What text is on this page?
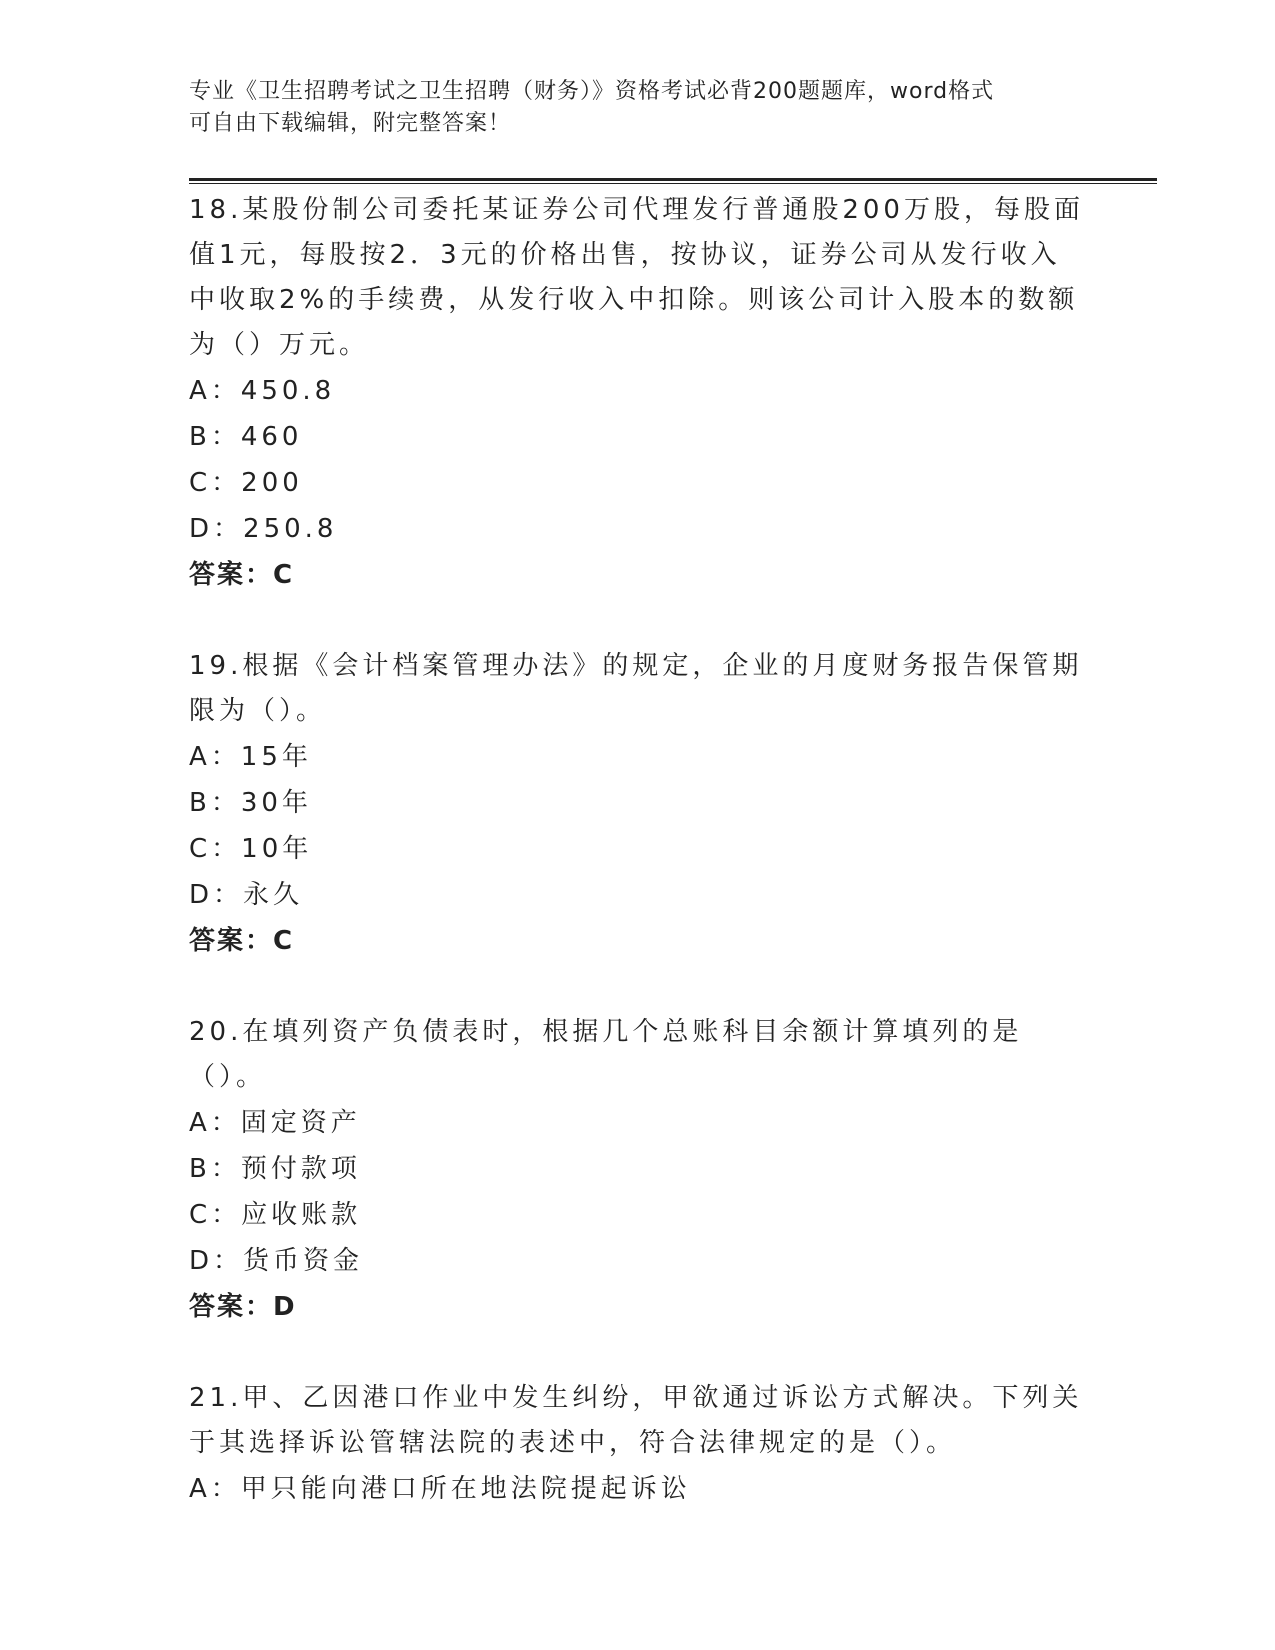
专业《卫生招聘考试之卫生招聘（财务）》资格考试必背200题题库，word格式
可自由下载编辑，附完整答案！
18.某股份制公司委托某证券公司代理发行普通股200万股，每股面值1元，每股按2．3元的价格出售，按协议，证券公司从发行收入中收取2%的手续费，从发行收入中扣除。则该公司计入股本的数额为（）万元。
A：450.8
B：460
C：200
D：250.8
答案：C
19.根据《会计档案管理办法》的规定，企业的月度财务报告保管期限为（）。
A：15年
B：30年
C：10年
D：永久
答案：C
20.在填列资产负债表时，根据几个总账科目余额计算填列的是（）。
A：固定资产
B：预付款项
C：应收账款
D：货币资金
答案：D
21.甲、乙因港口作业中发生纠纷，甲欲通过诉讼方式解决。下列关于其选择诉讼管辖法院的表述中，符合法律规定的是（）。
A：甲只能向港口所在地法院提起诉讼
